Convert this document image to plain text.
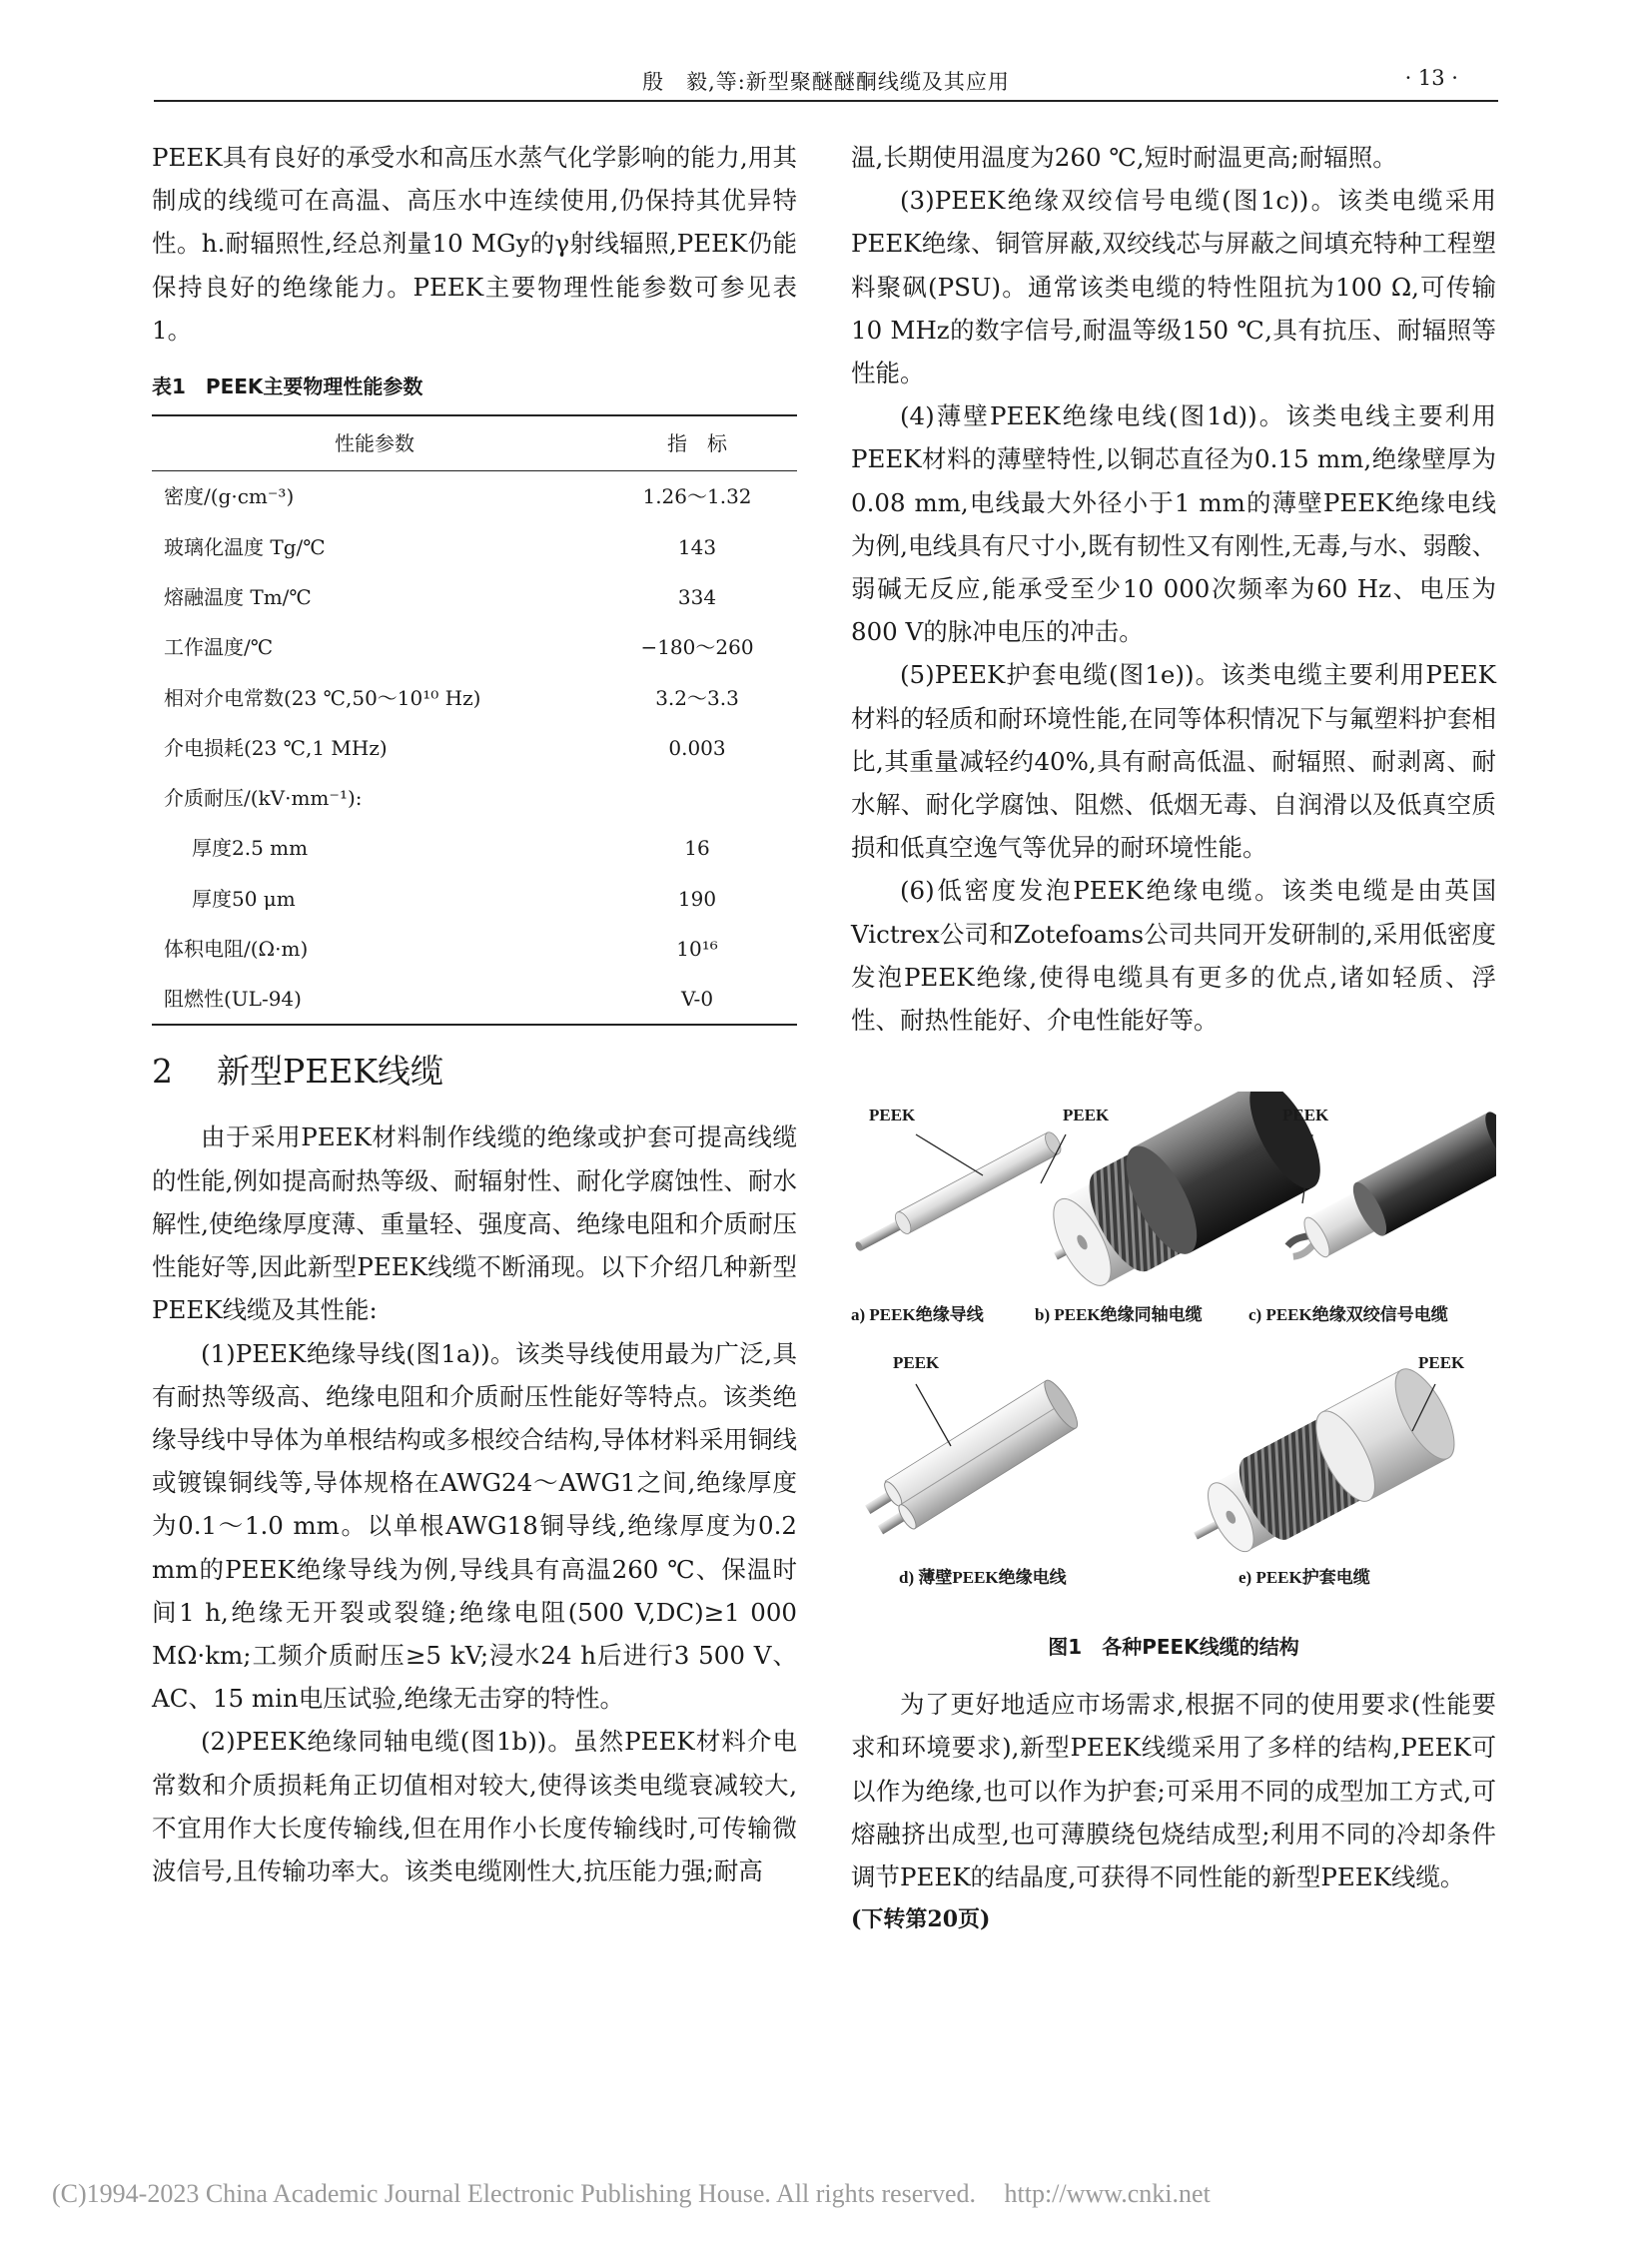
殷　毅,等:新型聚醚醚酮线缆及其应用	· 13 ·

PEEK具有良好的承受水和高压水蒸气化学影响的能力,用其制成的线缆可在高温、高压水中连续使用,仍保持其优异特性。h.耐辐照性,经总剂量10 MGy的γ射线辐照,PEEK仍能保持良好的绝缘能力。PEEK主要物理性能参数可参见表1。

表1　PEEK主要物理性能参数

性能参数	指　标
密度/(g·cm⁻³)	1.26～1.32
玻璃化温度 Tg/℃	143
熔融温度 Tm/℃	334
工作温度/℃	−180～260
相对介电常数(23 ℃,50～10¹⁰ Hz)	3.2～3.3
介电损耗(23 ℃,1 MHz)	0.003
介质耐压/(kV·mm⁻¹):	
厚度2.5 mm	16
厚度50 μm	190
体积电阻/(Ω·m)	10¹⁶
阻燃性(UL-94)	V-0

2 新型PEEK线缆

由于采用PEEK材料制作线缆的绝缘或护套可提高线缆的性能,例如提高耐热等级、耐辐射性、耐化学腐蚀性、耐水解性,使绝缘厚度薄、重量轻、强度高、绝缘电阻和介质耐压性能好等,因此新型PEEK线缆不断涌现。以下介绍几种新型PEEK线缆及其性能:

(1)PEEK绝缘导线(图1a))。该类导线使用最为广泛,具有耐热等级高、绝缘电阻和介质耐压性能好等特点。该类绝缘导线中导体为单根结构或多根绞合结构,导体材料采用铜线或镀镍铜线等,导体规格在AWG24～AWG1之间,绝缘厚度为0.1～1.0 mm。以单根AWG18铜导线,绝缘厚度为0.2 mm的PEEK绝缘导线为例,导线具有高温260 ℃、保温时间1 h,绝缘无开裂或裂缝;绝缘电阻(500 V,DC)≥1 000 MΩ·km;工频介质耐压≥5 kV;浸水24 h后进行3 500 V、AC、15 min电压试验,绝缘无击穿的特性。

(2)PEEK绝缘同轴电缆(图1b))。虽然PEEK材料介电常数和介质损耗角正切值相对较大,使得该类电缆衰减较大,不宜用作大长度传输线,但在用作小长度传输线时,可传输微波信号,且传输功率大。该类电缆刚性大,抗压能力强;耐高

温,长期使用温度为260 ℃,短时耐温更高;耐辐照。

(3)PEEK绝缘双绞信号电缆(图1c))。该类电缆采用PEEK绝缘、铜管屏蔽,双绞线芯与屏蔽之间填充特种工程塑料聚砜(PSU)。通常该类电缆的特性阻抗为100 Ω,可传输10 MHz的数字信号,耐温等级150 ℃,具有抗压、耐辐照等性能。

(4)薄壁PEEK绝缘电线(图1d))。该类电线主要利用PEEK材料的薄壁特性,以铜芯直径为0.15 mm,绝缘壁厚为0.08 mm,电线最大外径小于1 mm的薄壁PEEK绝缘电线为例,电线具有尺寸小,既有韧性又有刚性,无毒,与水、弱酸、弱碱无反应,能承受至少10 000次频率为60 Hz、电压为800 V的脉冲电压的冲击。

(5)PEEK护套电缆(图1e))。该类电缆主要利用PEEK材料的轻质和耐环境性能,在同等体积情况下与氟塑料护套相比,其重量减轻约40%,具有耐高低温、耐辐照、耐剥离、耐水解、耐化学腐蚀、阻燃、低烟无毒、自润滑以及低真空质损和低真空逸气等优异的耐环境性能。

(6)低密度发泡PEEK绝缘电缆。该类电缆是由英国Victrex公司和Zotefoams公司共同开发研制的,采用低密度发泡PEEK绝缘,使得电缆具有更多的优点,诸如轻质、浮性、耐热性能好、介电性能好等。

PEEK	PEEK	PEEK
PEEK	PEEK
a) PEEK绝缘导线	b) PEEK绝缘同轴电缆	c) PEEK绝缘双绞信号电缆
d) 薄壁PEEK绝缘电线	e) PEEK护套电缆
图1　各种PEEK线缆的结构

为了更好地适应市场需求,根据不同的使用要求(性能要求和环境要求),新型PEEK线缆采用了多样的结构,PEEK可以作为绝缘,也可以作为护套;可采用不同的成型加工方式,可熔融挤出成型,也可薄膜绕包烧结成型;利用不同的冷却条件调节PEEK的结晶度,可获得不同性能的新型PEEK线缆。

(下转第20页)

(C)1994-2023 China Academic Journal Electronic Publishing House. All rights reserved. http://www.cnki.net
